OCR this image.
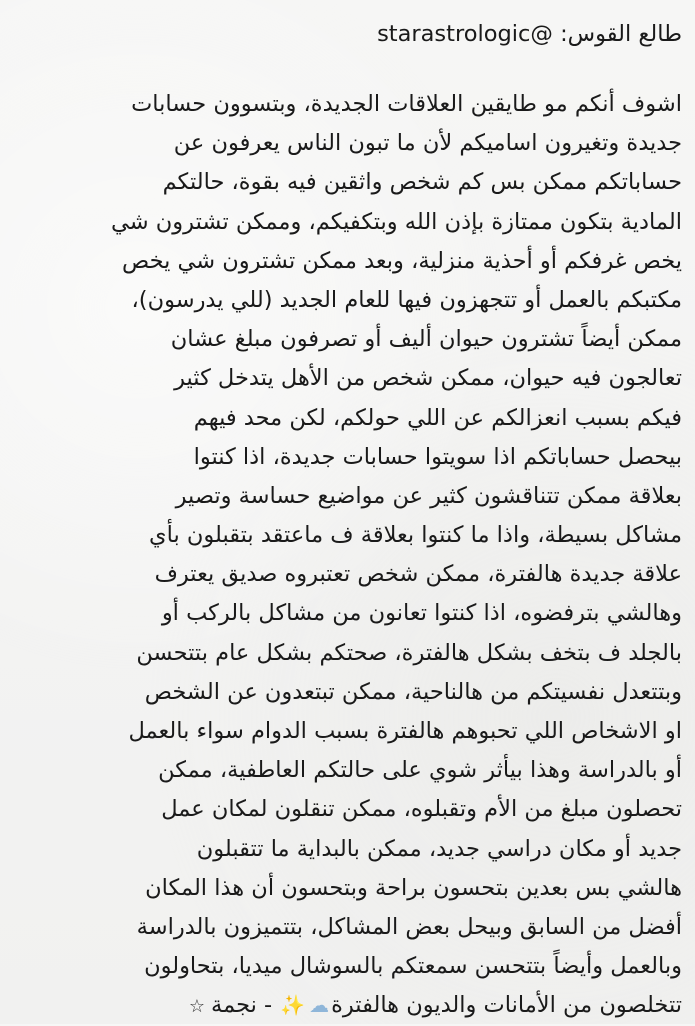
طالع القوس: starastrologic@
اشوف أنكم مو طايقين العلاقات الجديدة، وبتسوون حسابات
جديدة وتغيرون اساميكم لأن ما تبون الناس يعرفون عن
حساباتكم ممكن بس كم شخص واثقين فيه بقوة، حالتكم
المادية بتكون ممتازة بإذن الله وبتكفيكم، وممكن تشترون شي
يخص غرفكم أو أحذية منزلية، وبعد ممكن تشترون شي يخص
مكتبكم بالعمل أو تتجهزون فيها للعام الجديد (للي يدرسون)،
ممكن أيضاً تشترون حيوان أليف أو تصرفون مبلغ عشان
تعالجون فيه حيوان، ممكن شخص من الأهل يتدخل كثير
فيكم بسبب انعزالكم عن اللي حولكم، لكن محد فيهم
بيحصل حساباتكم اذا سويتوا حسابات جديدة، اذا كنتوا
بعلاقة ممكن تتناقشون كثير عن مواضيع حساسة وتصير
مشاكل بسيطة، واذا ما كنتوا بعلاقة ف ماعتقد بتقبلون بأي
علاقة جديدة هالفترة، ممكن شخص تعتبروه صديق يعترف
وهالشي بترفضوه، اذا كنتوا تعانون من مشاكل بالركب أو
بالجلد ف بتخف بشكل هالفترة، صحتكم بشكل عام بتتحسن
وبتتعدل نفسيتكم من هالناحية، ممكن تبتعدون عن الشخص
او الاشخاص اللي تحبوهم هالفترة بسبب الدوام سواء بالعمل
أو بالدراسة وهذا بيأثر شوي على حالتكم العاطفية، ممكن
تحصلون مبلغ من الأم وتقبلوه، ممكن تنقلون لمكان عمل
جديد أو مكان دراسي جديد، ممكن بالبداية ما تتقبلون
هالشي بس بعدين بتحسون براحة وبتحسون أن هذا المكان
أفضل من السابق وبيحل بعض المشاكل، بتتميزون بالدراسة
وبالعمل وأيضاً بتتحسن سمعتكم بالسوشال ميديا، بتحاولون
تتخلصون من الأمانات والديون هالفترة☁✨- نجمة☆
